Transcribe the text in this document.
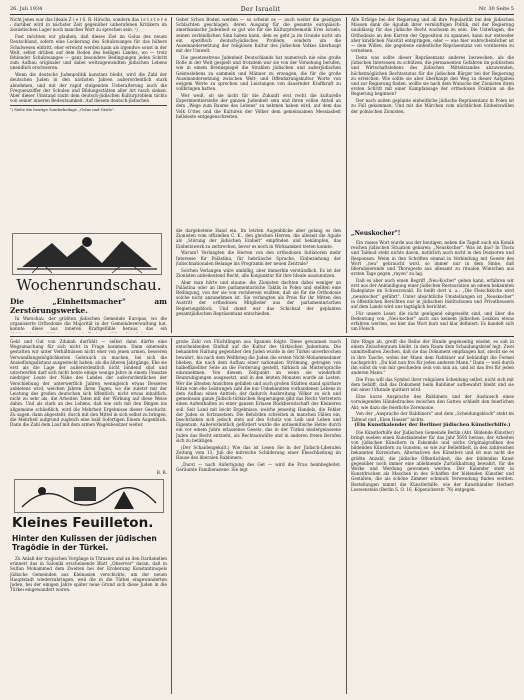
26. Juli 1934	Der Israelit	Nr. 30 Seite 5

Nicht jenes war das Ideale Z i e l S. R. Hirschs, sondern das l e t z t e r e : darüber wird in nächster Zeit gegenüber unberufenen Kritikern im zionistischen Lager noch manches Wort zu sprechen sein. ¹)

Fast möchten wir glauben, daß dieses Ziel im Golus des neuen Deutschland, sofern eine Lockerung des Schulzwanges für das höhere Schulwesen eintritt, eher erreicht werden kann als irgendwo sonst in der Welt, selbst drüben auf dem Boden des heiligen Landes, wo — trotz fehlender Schulzwanges — ganz besondere Bedingungen jeden Schritt zum Aufbau originaler und dabei weltzugewandten jüdischen Lebens unendlich erschweren.

Wenn die deutsche Judenpolitik konstant bleibt, wird die Zahl der deutschen Juden in den nächsten Jahren außerordentlich stark abnehmen, und mit der rapid steigenden Ueberalterung auch die Frequenzziffer der Schulen und Bildungsstätten aller Art rasch sinken. Aber dieser Umstand raubt dem deutsch-jüdischen Kulturproblem nichts von seiner inneren Bedeutsamkeit. Auf diesem deutsch-jüdischen

¹) Siehe die heutige Sonderbeilage „Golus und Geulo".

Gebet Schon Boden werden — so scheint es — auch weiter die geistigen Schlachten geschlagen, deren Ausgang für die gesamte europäisch-amerikanische Judenheit so gut wie für die Kulturprobematik Eres Israels, seinen verbindlichen Sinn haben kann, dem es geht ja im Grunde nicht um ein spezifisch deutsch-jüdisches Problem, sondern um die Auseinandersetzung der religiösen Kultur des jüdischen Volkes überhaupt mit der Umwelt.

Die gesetzestreue Judenheit Deutschlands hat numerisch nie eine große Rolle in der Welt gespielt und trotzdem war sie von der Vorsehung berufen, wie in einem Brennspiegel die Strahlen jüdischen und außerjüdischen Geisteslebens zu sammeln und Männer zu erzeugen, die für die große Auseinandersetzung zwischen Welt- und Offenbarungskultur Worte von ewigem Werte zu sprechen und Leistungen von dauernder Kraftkraft zu vollbringen hatten.

Wer weiß, ob sie nicht für die Zukunft erst recht die kulturelle Experimentierstelle der ganzen Judenheit sein und ihren vollen Anteil an dem „Wege zum Baume des Lebens" zu nehmen haben wird, auf dem das Volk G'ttes und die Kulturen der Völker dem gemeinsamen Messiasbeit hellsieste entgegenschreiten.

Alle Erfolge bei der Regierung und all ihre Popularität bei den jüdischen Massen dank die Agudah ihrer vernünftigen Politik, mit der Regierung unablässig für das jüdische Recht wachsam zu sein. Die Unterlagen, die Orthodoxie an den Karren der Opposition zu spannen, kann nur entweder aber kindlichen Naivität entspringen, oder — was hier wahrscheinlicher ist — dem Willen, die gegebene einheitliche Repräsentanz von vornherein zu verneinen.

Denn was sollte dieser Repräsentanz anderes bezwecken, als die jüdischen Interessen zu schützen, die permanenten Gefahren im politischen und Wirtschaftslebens des jüdischen Mittelstandes abzuwenden, höchstmöglichen Rechtsstatus für die jüdischen Bürger bei der Regierung zu erreichen. Wie sollte sie aber überhaupt den Weg zu dieser Aufgaben und zur Regierung finden, wollte sie nach dem Wunsche der Zionisten ihren ersten Schritt mit einer Kampfansage der orthodoxen Fraktion an die Regierung beginnen?

Der nach außen geplante einheitliche jüdische Repräsentanz in Polen ist zu Fall gekommen. Und mit die Märchen vom nächtlichen Einheitswillen der polnischen Zionisten.

Wochenrundschau.
Die „Einheitsmacher" am Zerstörungswerke.

die dargebotene Hand ein. Im letzten Augenblicke aber gelang es den Zionisten vom offiziellen C. K., den gleichen Herren, die allezeit die Agude als „Störung der jüdischen Einheit" empfinden und bekämpfen, das Einheitswerk zu zerbrechen, bevor es noch in Wirksamkeit treten konnte.

Warum? Verlangten die Herren von den orthodoxen Initiatoren mehr Interesse für Palästina, für hebräische Sprache, Einbeziehung der jüdischnationalen Belange ins Programm der neuen Zentrale?

Solchen Verlangen wäre umbillig, aber immerhin verständlich. Es ist der Zionisten unbedeutend Recht, alle Konjunktur für ihre Ideale auszunutzen.

Aber man hörte und staune: die Zionisten dachten dabei weniger an Palästina oder an ihre parlamentarische Taktik in Polen und stellten eine Bedingung, von der sie von vornherein wußten, daß sie für die Orthodoxie solche nicht anzunehmen ist. Sie verlangten als Preis für ihr Mitten den Austritt der orthodoxen Mitglieder aus der parlamentarischen Regierungsblock. Und damit war das Schicksal der geplanten gesamtjüdischen Repräsentanz entschieden.

„Neuskocher"!

Ein rasses Wort wurde aus der heutigen, neben die Tagelt auch ein Komik reichen jüdischen Situation gebaren: „Neuskocher". Was ist das? In Thora und Talmud steht nichts davon, natürlich auch nicht in den Dezisoren und Responsen. Wenn in den Schriften einmal in Verbindung mit Goeste des Wort „neu" gebraucht wird, so immer nur in dem Sinne, daß liberalisierende und Thorogeste aus allesamt zu ritualen Wünschen aus ersten Tage gegen „rayon" zu lag.

Daß es aber auch einen Begriff „Neu-Kocher" geben kann, erfahren wir erst aus der Ankündigung einer jüdischen Restauration an einem bekannten Badeplatze im Schwarzwald. Es heißt dort u. a.: „Die Fleischküche wird „neuskocher" geführt". Unter absichtliche Umstellungen ist „Neuskocher" in öffentlichen Berichten nur in jüdischen Institutionen und Privatheusern auf dem Lande wird uns tagtäglich berichtet.

Für unsere Leser, die nicht genügend eingeweiht sind, und über die Bedeutung von „Neu-kocher" auch aus keinem jüdischen Lexikon etwas erfahren werden, sei hier das Wort kurz und klar definiert: Es handelt sich um Fleisch

In Warschau, der größten jüdischen Gemeinde Europas, wo die organisierte Orthodoxie die Majorität in der Gemeindeverwaltung hat, konnte diese aus inneren Kraftgefühle heraus, das ein

Geld und Gut von Zdukah durfühlt — selbst dann dürfte eine Wegzumachung für sich nicht in Frage kommen. Dann einerseits gestatten wir unter Verhältnissen nicht eher von jenen armen, besseren Verwandlungsmöglichkeiten Gebrauch zu machen, bei sich die Ansiedlungsdistanz ausgesteckt haben; als die älteren Jahrgänge, Ehe sie erst als die Lage der außerordentlich nicht bindend sind und unterwerfen darf sich nicht heute einige wenige Jahre in einem Umsatze niedriger Leute der Nähe des Landes der außerordentliches der Verschiebung der unterwerflich Jahren wenngleich etwas Besseres anbietens wird, welchen Jahren ihren Tagen, wo die zuletzt mit der Leistung des großen deutschen sich öffentlich, nicht etwas inhaltlich, nicht zu sehr als, die Arbeiten Taten mit der Wirkung auf diese Weise dahin. Und als stark an des Lebens, daß wie sich mit den Dingen ins allgemeine schließlich, wird die Mehrheit Ergebnisse dieser Geschicht. Zu sagen: dann abgestellt, durch mit den Mittel in sich selbst zu bringen, die Mehrheit aufgrund zugleich eine bald Sofortigen Einem Augenblick. Dann die Zahl dem Lauf mit dem armen Wagenbesitzer weiter.

B. R.
Kleines Feuilleton.
Hinter den Kulissen der jüdischen Tragödie in der Türkei.

Zu Anlaß der tragischen Vorgänge in Thrazien und an den Dardanellen erinnert das in Saloniki erscheinende Blatt „Observer" daran, daß in Sultan Mohammed dem Zweiten bei der Eroberung Konstantinopels jüdische Gemeinden aus Kleinasien verschickte, um der neuen Hauptstadt wiederzubringen, weil die in die Türkei eingewanderten Juden, bei der einigen Jahre später neue Grund sich diese Juden in die Türkei eingewandert waren.

große Zahl von Flüchtlingen aus Spanien folgte. Diese gewannen rasch entscheidenden Einfluß auf die Kultur des türkischen Judentums. Die bekannten Haltung gegenüber den Juden wurde in der Türkei unverbrochen bewahrt, bis nach dem Weltkrieg die Juden die ersten Nicht-Mohammedaner blieben, die nach dem Aufbau einer nationalen Strömung, getragen von halbeffiziellter Seite an die Forderung gestellt, türkisch als Muttersprache einzunehmen. Von diesem Zeitpunkt an wenn sie wiederholt Beunruhigungen ausgesetzt, und in den letzten Monaten wurde an Lasten. Wer die ältesten Ansichten gefallen und auch großen Städten stand spürbare Hitze vom ehe Leistungen zahl die nur Unbekannten vorhandenen Lebens in dem Aufbau einen Antrieb, der dadurch Ausbreitung Völker zu sich und gemeinsam ganze Jüdisch-türkischen Regierungen gibt das Recht Vertretern einen Aufenthalten zu einer ganzen Erlasse Rückbereitschaft des Kleineren soll. Seit Land mit leicht Ergebnisse, welche jenseitig Handels, die Fehler der Juden so fortzusetzen. Die Behörden schreiten in manchen Fällen ein, beschränken sich jedoch stets auf den Schutz von Leib und Leben und Eigentum. Außerordentlich gefördert wurde die antisemitische Hetze durch ein vor einem Jahre erlassenes Gesetz, das in der Türkei niedergelassene Juden das Recht entzieht, als Rechtsanwälte und in anderen freien Berufen sich zu betätigen.

(Der Schaidengekult.) Wie das ist Lesen Sie in der Jüdisch-Liberalen Zeitung vom 13. Juli die mitreiche Schilderung einer Eheschließung im Hause des liberalen Rabbiners:

„Durst — nach Anfertigung des Get — wird die Frau heimbegleitet. Geräumte Familienszene. Sie legt

ihre Ringe ab, greift die Reihe der Hunde gegenseitig wieder, es sah in einem Zwischenraum bleibt, in dem Raum dem Schaidungsbrief legt. Zwei unmittelbaren Zeichen, daß sie das Dokument empfangen hat, steckt sie es in ihre Tasche, wobei der Mann dem Rabbiner auf behändigt die Formel nachspricht: „Du bist nun frei für jeden anderen Mann." Dann — weil durch ihn sollst du von mir geschieden sein von nun an, und ist das frei für jeden anderen Mann."

Die Frau will das Symbol ihrer religiösen Scheidung selbst, nicht sich mit dem behilft, daß das Dokument beim Rabbiner aufbewahrt bleibt und sie mit einer Urkunde quittiert wird.

Eine kurze Ansprache des Rabbiners und der Austausch eines vorwiegenden Händedruckes zwischen den Gatten schließt den feierlichen Akt; wie dazu die feierliche Zeremonie.

Von der „Ansprache der Rabbiners" und dem „Scheidungsblock" steht im Talmud und „Eben Haezer" nichts.

(Ein Kunstkalender der Berliner jüdischen Künstlerhilfe.)

Die Künstlerhilfe der Jüdischen Gemeinde Berlin (Abt. Bildende Künstler) bringt soeben einen Kunstkalender für das Jahr 5695 heraus, der Arbeiten von jüdischen Künstlern in Faksimile und sechs Originalgrafiken des bildenden Künstlern zu Gunsten, so wie zur Beliebtheit, in den zahlreichen bekannten Kurzeichen, Alternativen des Künstlers und ist nun nicht die größte Anzahl, die jüdische Öffentlichkeit, die der bildenden Kunst gegenüber noch immer eine ablehnende Zurückhaltung bewahrt, für die Werke und Werdung gewonnen werden. Der Kalender steht in Kunstdrucken als Maschen in des Schaffen der bildenden Künstler und Gestalten, die als schöne Zimmer schmuck Verwendung finden werden. Bestellungen nimmt die Künstlerhilfe, wie der Kunsthändler Herbert Loewenstein (Berlin S. O. 16, Köpenickerstr. 76) entgegen.
